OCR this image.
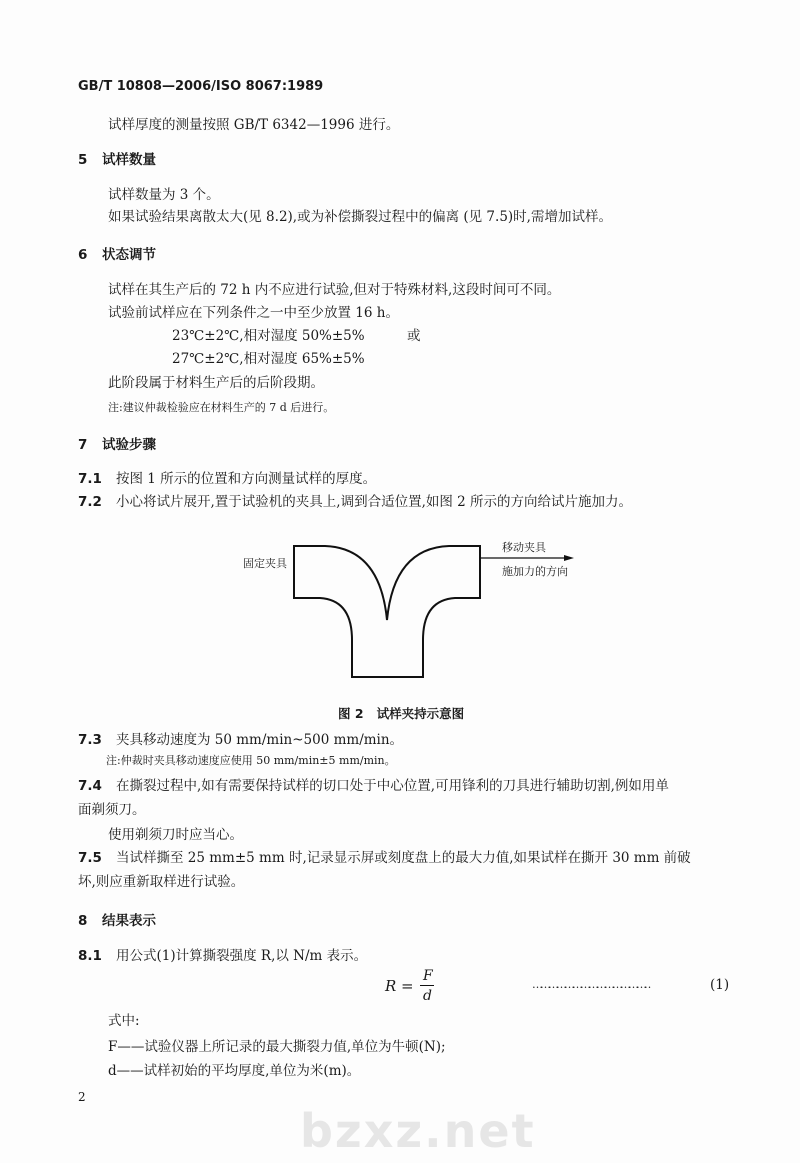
bzxz.net
GB/T 10808—2006/ISO 8067:1989
试样厚度的测量按照 GB/T 6342—1996 进行。
5 试样数量
试样数量为 3 个。
如果试验结果离散太大(见 8.2),或为补偿撕裂过程中的偏离 (见 7.5)时,需增加试样。
6 状态调节
试样在其生产后的 72 h 内不应进行试验,但对于特殊材料,这段时间可不同。
试验前试样应在下列条件之一中至少放置 16 h。
23℃±2℃,相对湿度 50%±5%	或
27℃±2℃,相对湿度 65%±5%
此阶段属于材料生产后的后阶段期。
注:建议仲裁检验应在材料生产的 7 d 后进行。
7 试验步骤
7.1 按图 1 所示的位置和方向测量试样的厚度。
7.2 小心将试片展开,置于试验机的夹具上,调到合适位置,如图 2 所示的方向给试片施加力。
固定夹具
移动夹具
施加力的方向
图 2   试样夹持示意图
7.3 夹具移动速度为 50 mm/min~500 mm/min。
注:仲裁时夹具移动速度应使用 50 mm/min±5 mm/min。
7.4 在撕裂过程中,如有需要保持试样的切口处于中心位置,可用锋利的刀具进行辅助切割,例如用单
面剃须刀。
使用剃须刀时应当心。
7.5 当试样撕至 25 mm±5 mm 时,记录显示屏或刻度盘上的最大力值,如果试样在撕开 30 mm 前破
坏,则应重新取样进行试验。
8 结果表示
8.1 用公式(1)计算撕裂强度 R,以 N/m 表示。
R =
F
d
………………………………………	(1)
式中:
F——试验仪器上所记录的最大撕裂力值,单位为牛顿(N);
d——试样初始的平均厚度,单位为米(m)。
2
